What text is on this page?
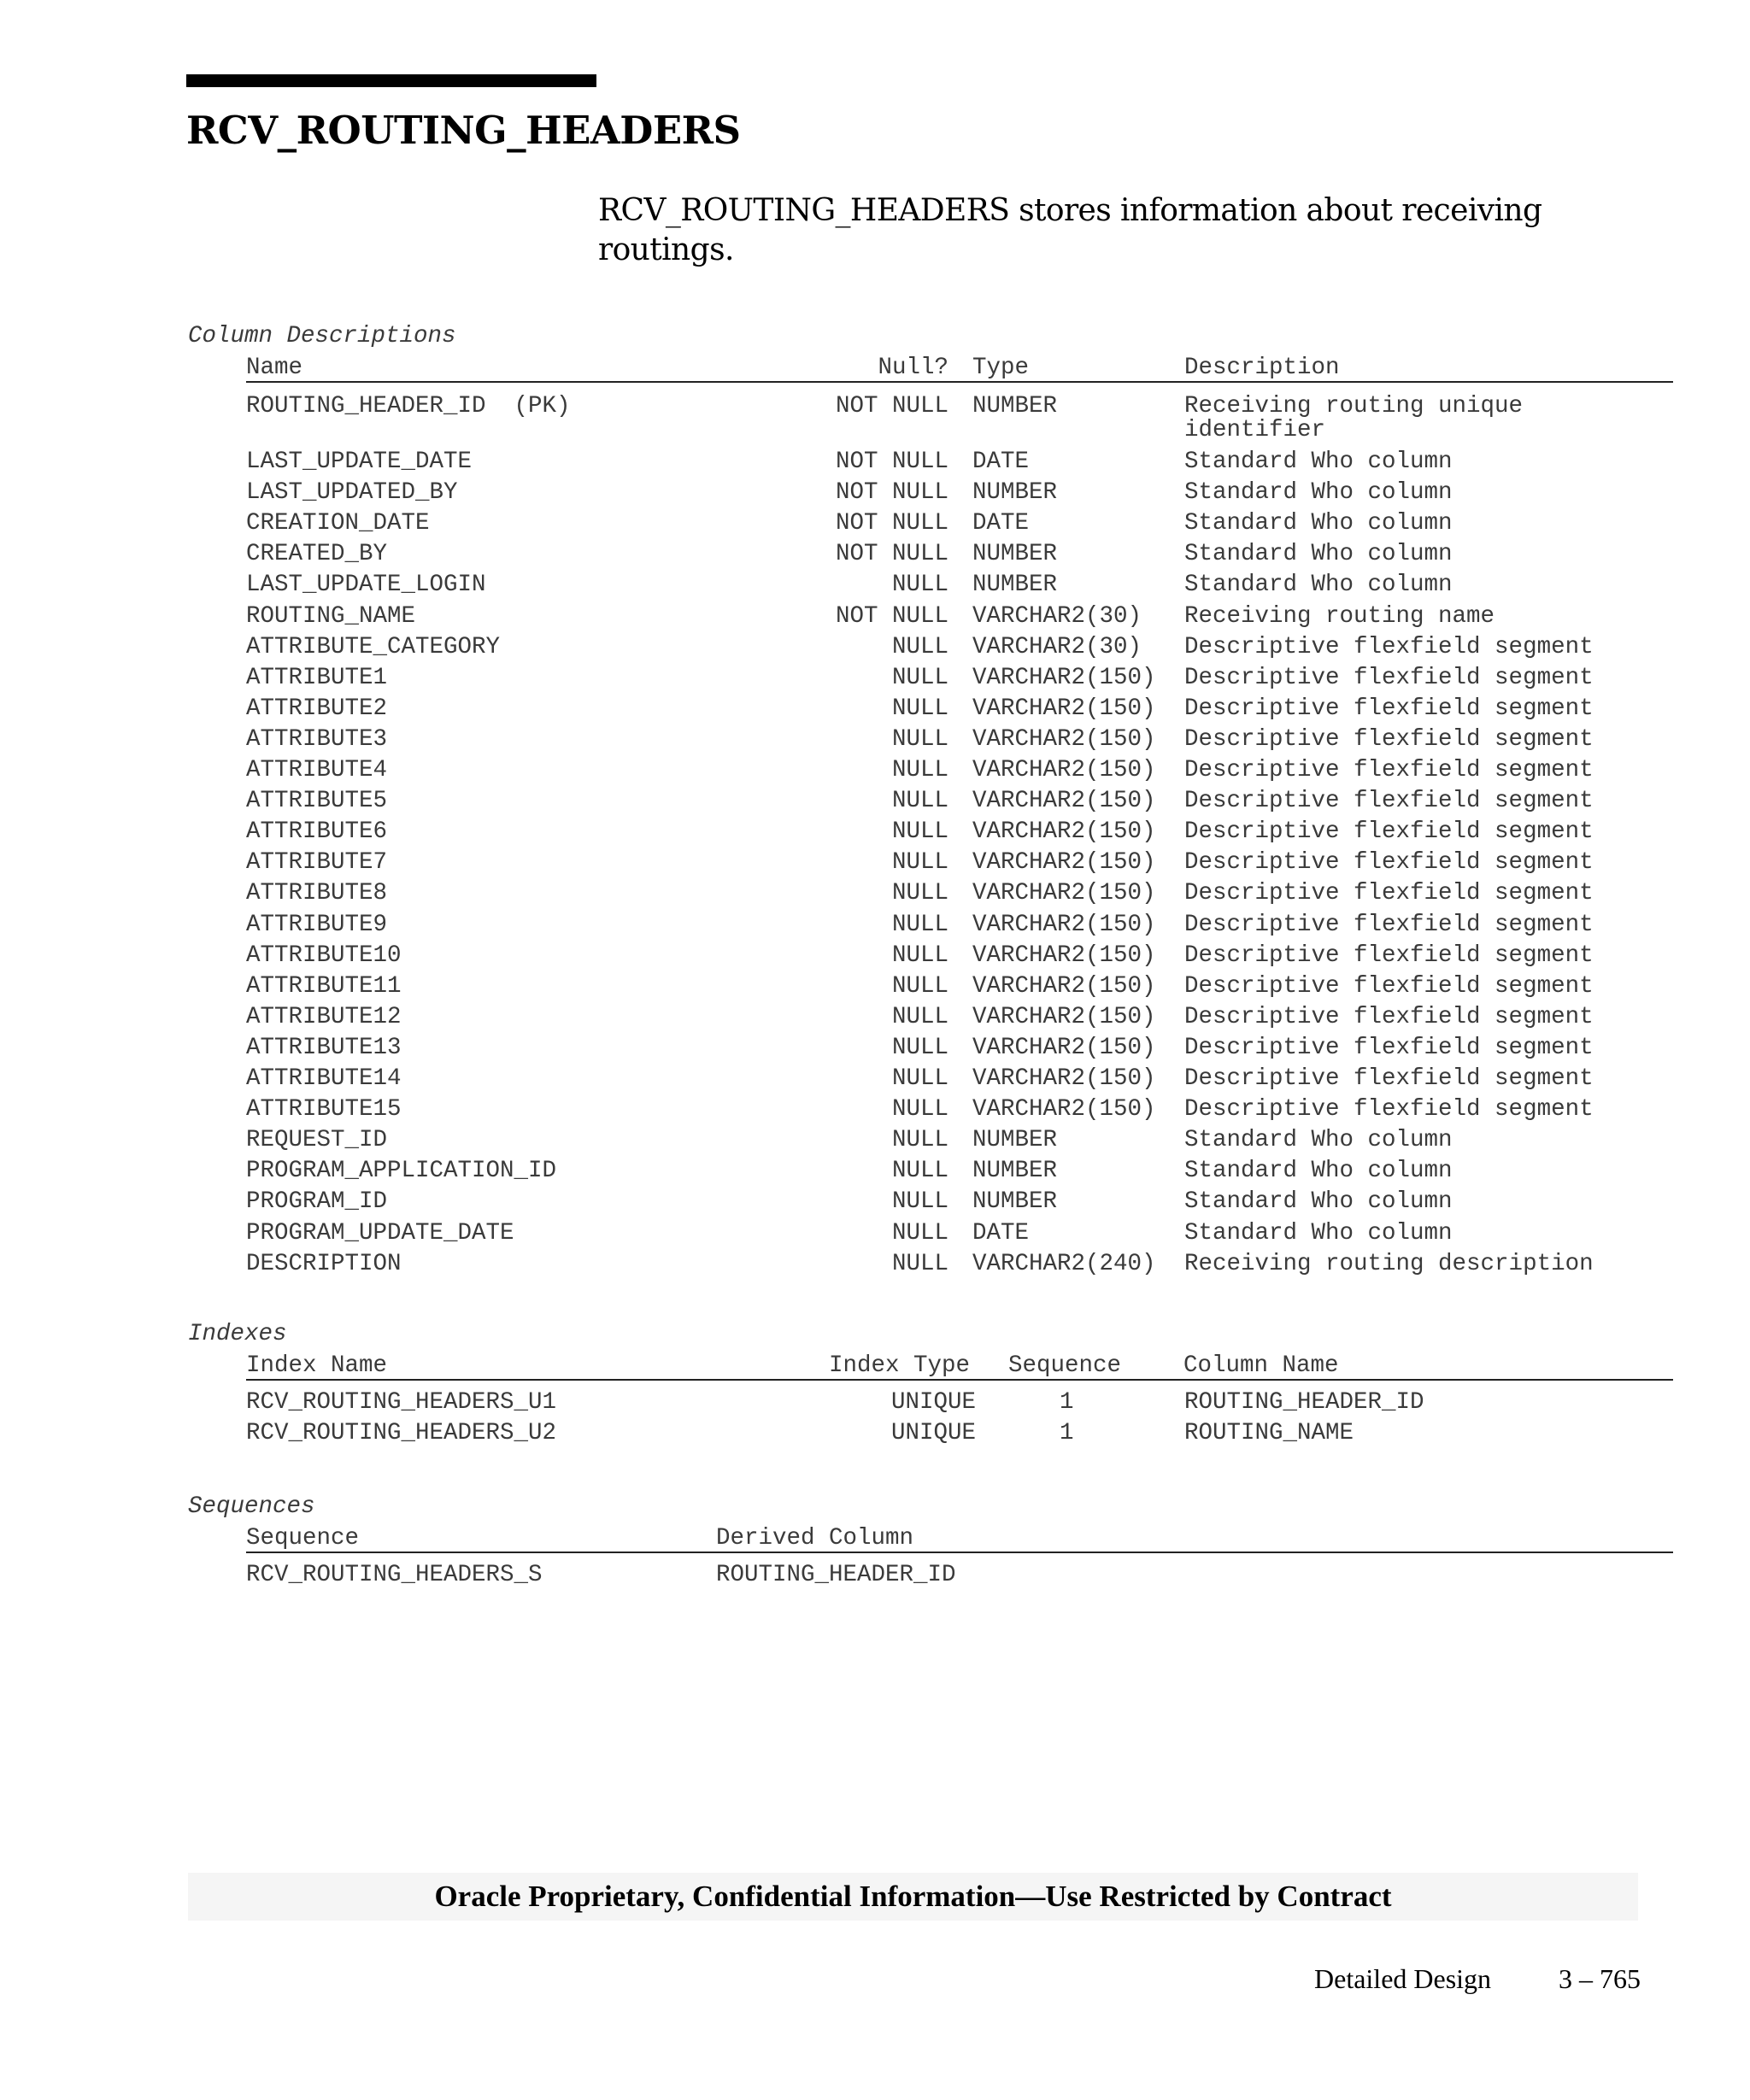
RCV_ROUTING_HEADERS

RCV_ROUTING_HEADERS stores information about receiving routings.

Column Descriptions
Name	Null? Type	Description
ROUTING_HEADER_ID  (PK)	NOT NULL NUMBER	Receiving routing unique
identifier
LAST_UPDATE_DATE	NOT NULL DATE	Standard Who column
LAST_UPDATED_BY	NOT NULL NUMBER	Standard Who column
CREATION_DATE	NOT NULL DATE	Standard Who column
CREATED_BY	NOT NULL NUMBER	Standard Who column
LAST_UPDATE_LOGIN	NULL NUMBER	Standard Who column
ROUTING_NAME	NOT NULL VARCHAR2(30) Receiving routing name
ATTRIBUTE_CATEGORY	NULL VARCHAR2(30) Descriptive flexfield segment
ATTRIBUTE1	NULL VARCHAR2(150) Descriptive flexfield segment
ATTRIBUTE2	NULL VARCHAR2(150) Descriptive flexfield segment
ATTRIBUTE3	NULL VARCHAR2(150) Descriptive flexfield segment
ATTRIBUTE4	NULL VARCHAR2(150) Descriptive flexfield segment
ATTRIBUTE5	NULL VARCHAR2(150) Descriptive flexfield segment
ATTRIBUTE6	NULL VARCHAR2(150) Descriptive flexfield segment
ATTRIBUTE7	NULL VARCHAR2(150) Descriptive flexfield segment
ATTRIBUTE8	NULL VARCHAR2(150) Descriptive flexfield segment
ATTRIBUTE9	NULL VARCHAR2(150) Descriptive flexfield segment
ATTRIBUTE10	NULL VARCHAR2(150) Descriptive flexfield segment
ATTRIBUTE11	NULL VARCHAR2(150) Descriptive flexfield segment
ATTRIBUTE12	NULL VARCHAR2(150) Descriptive flexfield segment
ATTRIBUTE13	NULL VARCHAR2(150) Descriptive flexfield segment
ATTRIBUTE14	NULL VARCHAR2(150) Descriptive flexfield segment
ATTRIBUTE15	NULL VARCHAR2(150) Descriptive flexfield segment
REQUEST_ID	NULL NUMBER	Standard Who column
PROGRAM_APPLICATION_ID	NULL NUMBER	Standard Who column
PROGRAM_ID	NULL NUMBER	Standard Who column
PROGRAM_UPDATE_DATE	NULL DATE	Standard Who column
DESCRIPTION	NULL VARCHAR2(240) Receiving routing description
Indexes
Index Name	Index Type Sequence	Column Name
RCV_ROUTING_HEADERS_U1	UNIQUE	1	ROUTING_HEADER_ID
RCV_ROUTING_HEADERS_U2	UNIQUE	1	ROUTING_NAME
Sequences
Sequence	Derived Column
RCV_ROUTING_HEADERS_S	ROUTING_HEADER_ID
Oracle Proprietary, Confidential Information––Use Restricted by Contract
Detailed Design 3 – 765
